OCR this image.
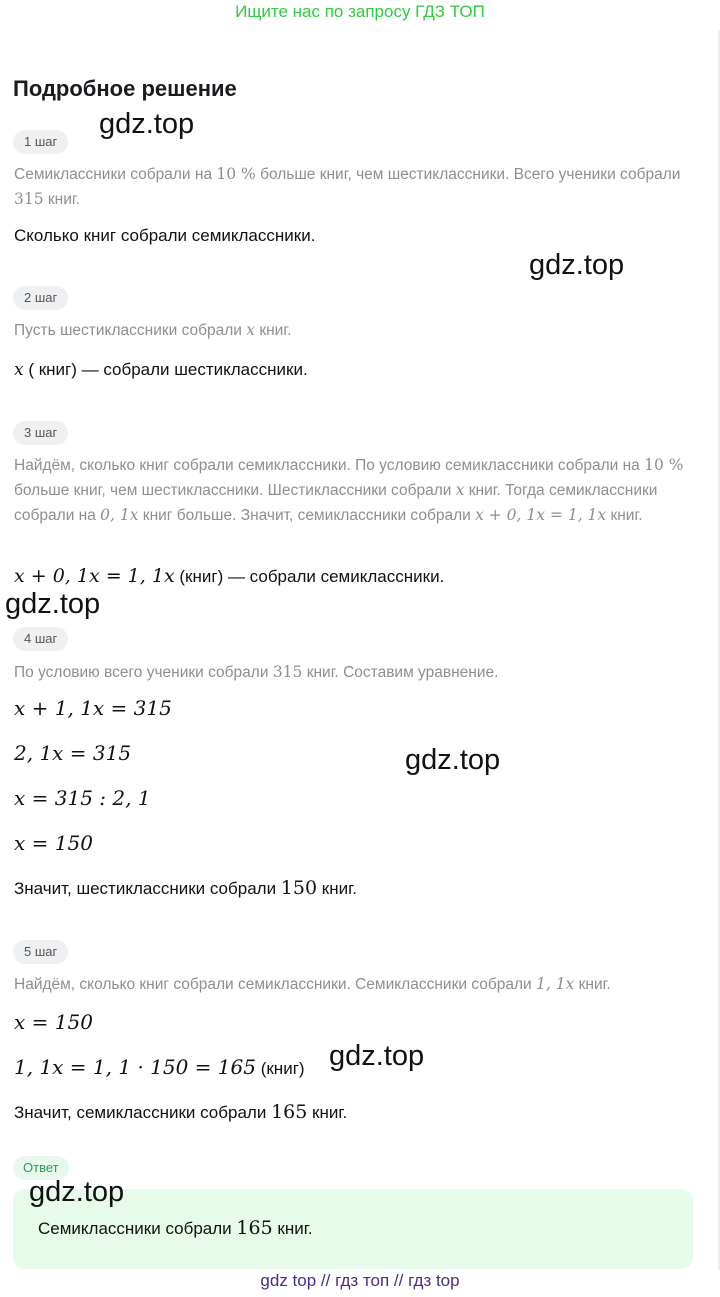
Ищите нас по запросу ГДЗ ТОП
Подробное решение
1 шаг
Семиклассники собрали на 10 % больше книг, чем шестиклассники. Всего ученики собрали 315 книг.
Сколько книг собрали семиклассники.
2 шаг
Пусть шестиклассники собрали x книг.
x ( книг) — собрали шестиклассники.
3 шаг
Найдём, сколько книг собрали семиклассники. По условию семиклассники собрали на 10 % больше книг, чем шестиклассники. Шестиклассники собрали x книг. Тогда семиклассники собрали на 0, 1x книг больше. Значит, семиклассники собрали x + 0, 1x = 1, 1x книг.
x + 0, 1x = 1, 1x (книг) — собрали семиклассники.
4 шаг
По условию всего ученики собрали 315 книг. Составим уравнение.
x + 1, 1x = 315
2, 1x = 315
x = 315 : 2, 1
x = 150
Значит, шестиклассники собрали 150 книг.
5 шаг
Найдём, сколько книг собрали семиклассники. Семиклассники собрали 1, 1x книг.
x = 150
1, 1x = 1, 1 · 150 = 165 (книг)
Значит, семиклассники собрали 165 книг.
Ответ
Семиклассники собрали 165 книг.
gdz.top
gdz.top
gdz.top
gdz.top
gdz.top
gdz.top
gdz top // гдз топ // гдз top
